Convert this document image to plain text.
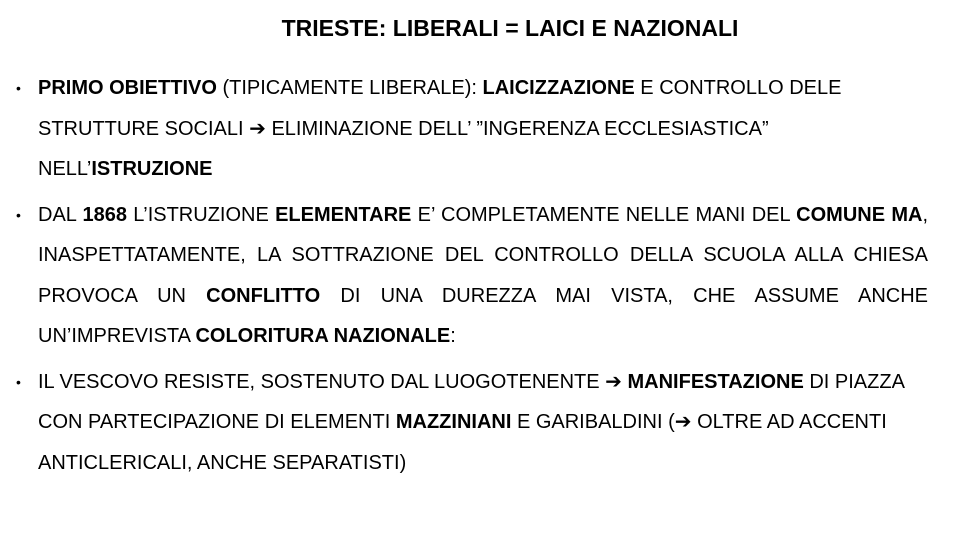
TRIESTE: LIBERALI = LAICI E NAZIONALI
• PRIMO OBIETTIVO (TIPICAMENTE LIBERALE): LAICIZZAZIONE E CONTROLLO DELE STRUTTURE SOCIALI ➔ ELIMINAZIONE DELL’ ”INGERENZA ECCLESIASTICA” NELL’ISTRUZIONE
• DAL 1868 L’ISTRUZIONE ELEMENTARE E’ COMPLETAMENTE NELLE MANI DEL COMUNE MA, INASPETTATAMENTE, LA SOTTRAZIONE DEL CONTROLLO DELLA SCUOLA ALLA CHIESA PROVOCA UN CONFLITTO DI UNA DUREZZA MAI VISTA, CHE ASSUME ANCHE UN’IMPREVISTA COLORITURA NAZIONALE:
• IL VESCOVO RESISTE, SOSTENUTO DAL LUOGOTENENTE ➔ MANIFESTAZIONE DI PIAZZA CON PARTECIPAZIONE DI ELEMENTI MAZZINIANI E GARIBALDINI (➔ OLTRE AD ACCENTI ANTICLERICALI, ANCHE SEPARATISTI)
